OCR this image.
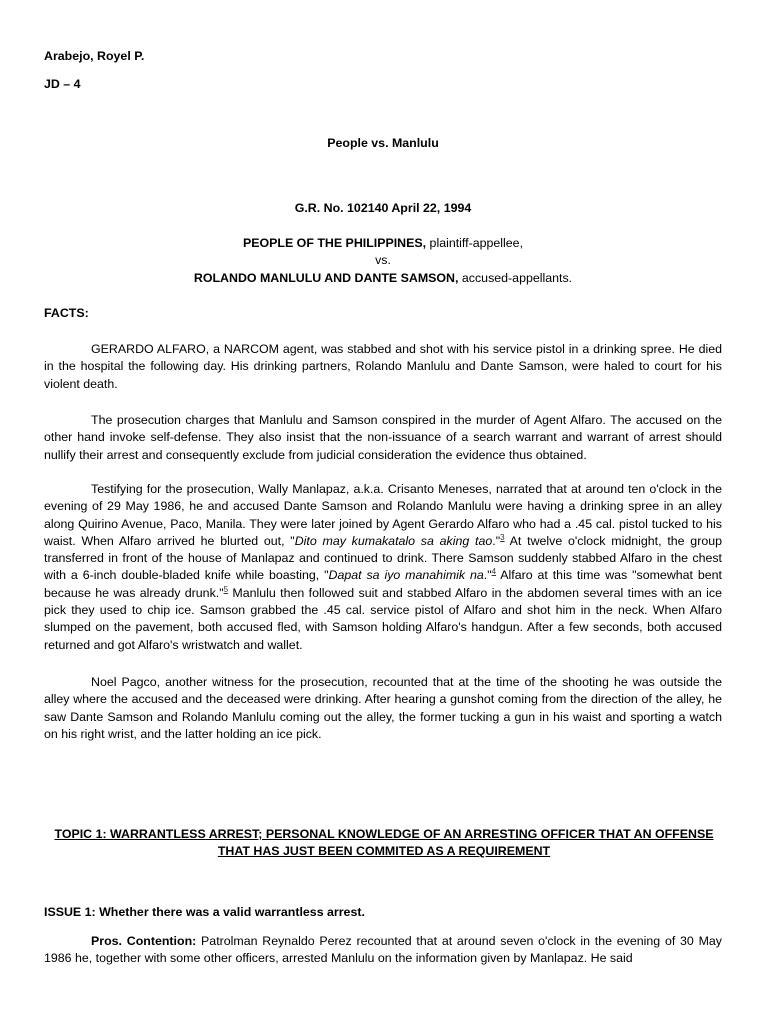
Arabejo, Royel P.

JD – 4

People vs. Manlulu

G.R. No. 102140 April 22, 1994

PEOPLE OF THE PHILIPPINES, plaintiff-appellee,
vs.
ROLANDO MANLULU AND DANTE SAMSON, accused-appellants.

FACTS:

GERARDO ALFARO, a NARCOM agent, was stabbed and shot with his service pistol in a drinking spree. He died in the hospital the following day. His drinking partners, Rolando Manlulu and Dante Samson, were haled to court for his violent death.

The prosecution charges that Manlulu and Samson conspired in the murder of Agent Alfaro. The accused on the other hand invoke self-defense. They also insist that the non-issuance of a search warrant and warrant of arrest should nullify their arrest and consequently exclude from judicial consideration the evidence thus obtained.

Testifying for the prosecution, Wally Manlapaz, a.k.a. Crisanto Meneses, narrated that at around ten o'clock in the evening of 29 May 1986, he and accused Dante Samson and Rolando Manlulu were having a drinking spree in an alley along Quirino Avenue, Paco, Manila. They were later joined by Agent Gerardo Alfaro who had a .45 cal. pistol tucked to his waist. When Alfaro arrived he blurted out, "Dito may kumakatalo sa aking tao."$^3$ At twelve o'clock midnight, the group transferred in front of the house of Manlapaz and continued to drink. There Samson suddenly stabbed Alfaro in the chest with a 6-inch double-bladed knife while boasting, "Dapat sa iyo manahimik na."$^4$ Alfaro at this time was "somewhat bent because he was already drunk."$^5$ Manlulu then followed suit and stabbed Alfaro in the abdomen several times with an ice pick they used to chip ice. Samson grabbed the .45 cal. service pistol of Alfaro and shot him in the neck. When Alfaro slumped on the pavement, both accused fled, with Samson holding Alfaro's handgun. After a few seconds, both accused returned and got Alfaro's wristwatch and wallet.

Noel Pagco, another witness for the prosecution, recounted that at the time of the shooting he was outside the alley where the accused and the deceased were drinking. After hearing a gunshot coming from the direction of the alley, he saw Dante Samson and Rolando Manlulu coming out the alley, the former tucking a gun in his waist and sporting a watch on his right wrist, and the latter holding an ice pick.

TOPIC 1: WARRANTLESS ARREST; PERSONAL KNOWLEDGE OF AN ARRESTING OFFICER THAT AN OFFENSE THAT HAS JUST BEEN COMMITED AS A REQUIREMENT

ISSUE 1: Whether there was a valid warrantless arrest.

Pros. Contention: Patrolman Reynaldo Perez recounted that at around seven o'clock in the evening of 30 May 1986 he, together with some other officers, arrested Manlulu on the information given by Manlapaz. He said
